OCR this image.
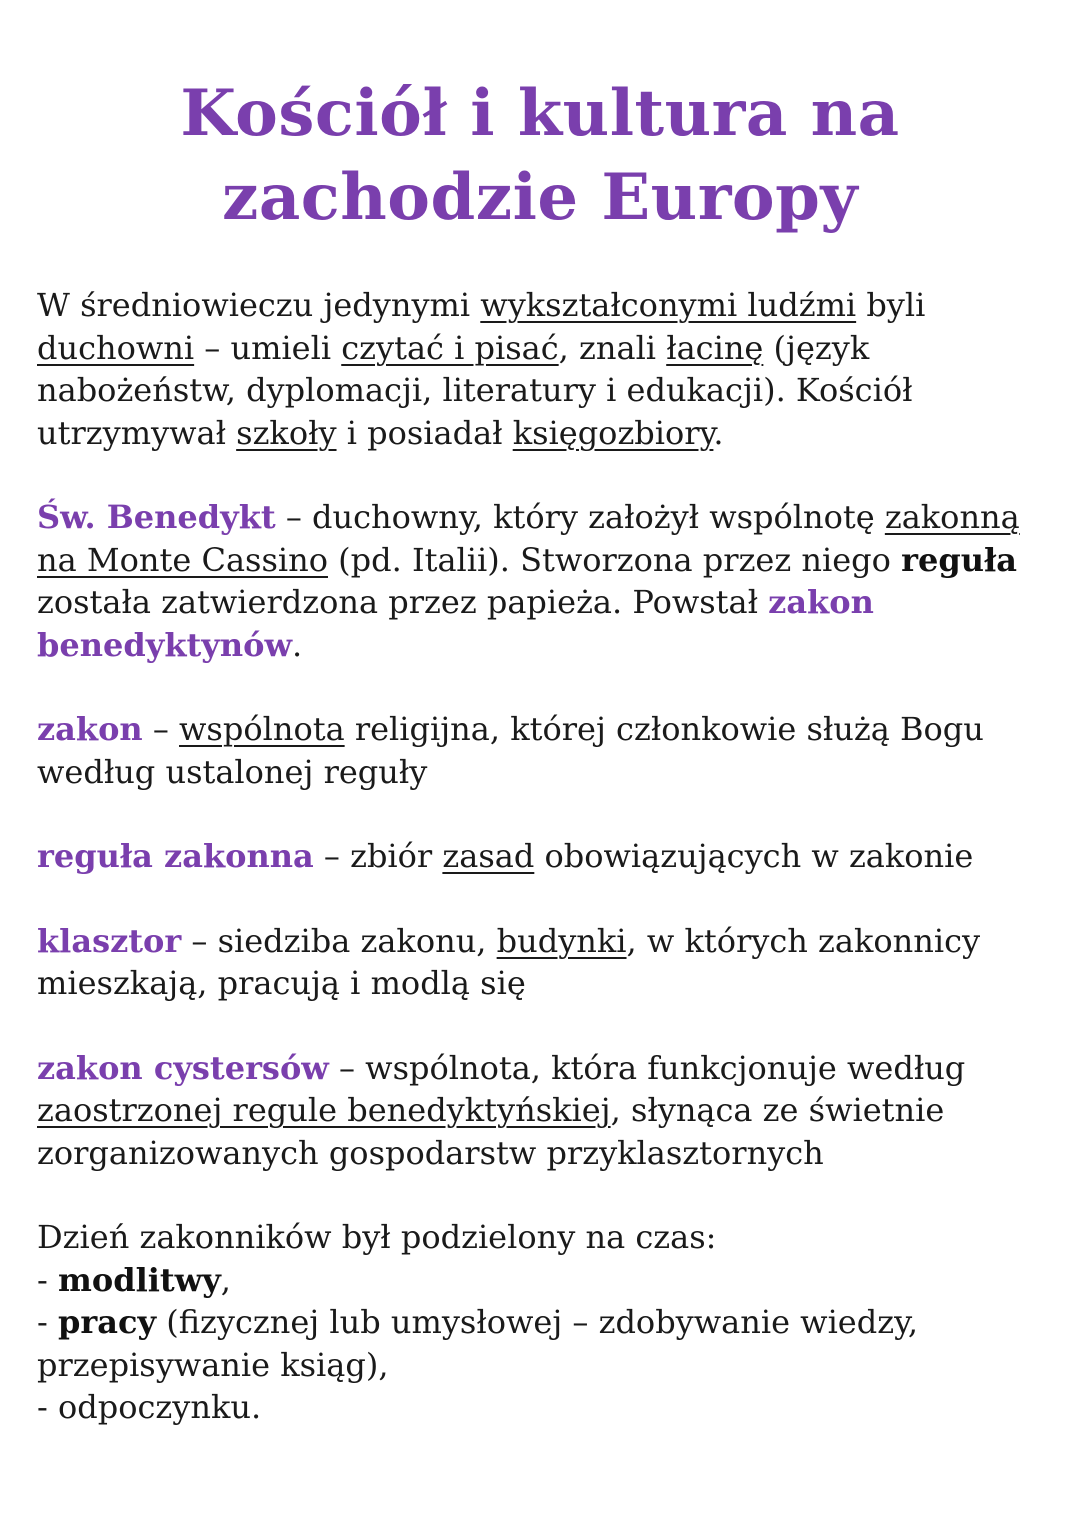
Kościół i kultura na
zachodzie Europy

W średniowieczu jedynymi wykształconymi ludźmi byli duchowni – umieli czytać i pisać, znali łacinę (język nabożeństw, dyplomacji, literatury i edukacji). Kościół utrzymywał szkoły i posiadał księgozbiory.

Św. Benedykt – duchowny, który założył wspólnotę zakonną na Monte Cassino (pd. Italii). Stworzona przez niego reguła została zatwierdzona przez papieża. Powstał zakon benedyktynów.

zakon – wspólnota religijna, której członkowie służą Bogu według ustalonej reguły

reguła zakonna – zbiór zasad obowiązujących w zakonie

klasztor – siedziba zakonu, budynki, w których zakonnicy mieszkają, pracują i modlą się

zakon cystersów – wspólnota, która funkcjonuje według zaostrzonej regule benedyktyńskiej, słynąca ze świetnie zorganizowanych gospodarstw przyklasztornych

Dzień zakonników był podzielony na czas:
- modlitwy,
- pracy (fizycznej lub umysłowej – zdobywanie wiedzy, przepisywanie ksiąg),
- odpoczynku.
